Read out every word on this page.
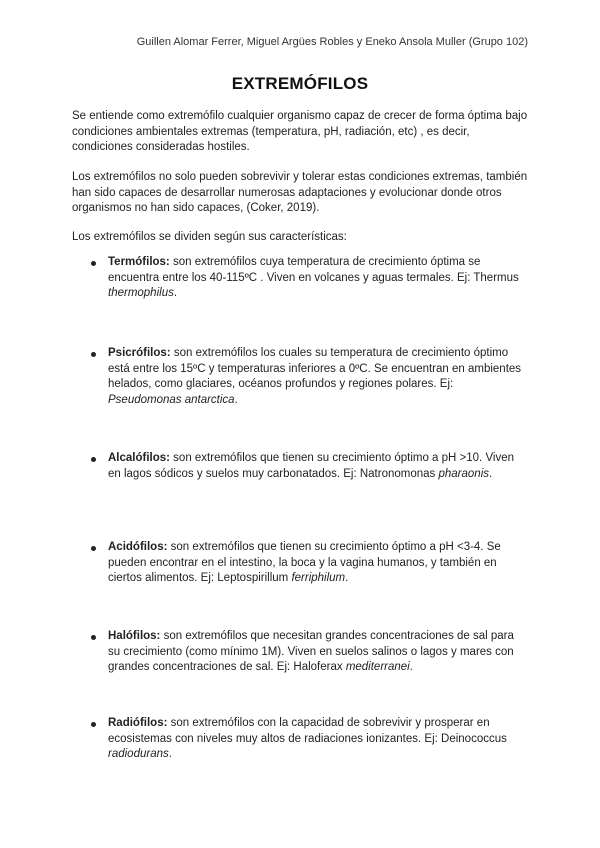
Guillen Alomar Ferrer, Miguel Argües Robles y Eneko Ansola Muller (Grupo 102)
EXTREMÓFILOS

Se entiende como extremófilo cualquier organismo capaz de crecer de forma óptima bajo condiciones ambientales extremas (temperatura, pH, radiación, etc) , es decir, condiciones consideradas hostiles.

Los extremófilos no solo pueden sobrevivir y tolerar estas condiciones extremas, también han sido capaces de desarrollar numerosas adaptaciones y evolucionar donde otros organismos no han sido capaces, (Coker, 2019).

Los extremófilos se dividen según sus características:

Termófilos: son extremófilos cuya temperatura de crecimiento óptima se encuentra entre los 40-115ºC . Viven en volcanes y aguas termales. Ej: Thermus thermophilus.
Psicrófilos: son extremófilos los cuales su temperatura de crecimiento óptimo está entre los 15ºC y temperaturas inferiores a 0ºC. Se encuentran en ambientes helados, como glaciares, océanos profundos y regiones polares. Ej: Pseudomonas antarctica.
Alcalófilos: son extremófilos que tienen su crecimiento óptimo a pH >10. Viven en lagos sódicos y suelos muy carbonatados. Ej: Natronomonas pharaonis.
Acidófilos: son extremófilos que tienen su crecimiento óptimo a pH <3-4. Se pueden encontrar en el intestino, la boca y la vagina humanos, y también en ciertos alimentos. Ej: Leptospirillum ferriphilum.
Halófilos: son extremófilos que necesitan grandes concentraciones de sal para su crecimiento (como mínimo 1M). Viven en suelos salinos o lagos y mares con grandes concentraciones de sal. Ej: Haloferax mediterranei.
Radiófilos: son extremófilos con la capacidad de sobrevivir y prosperar en ecosistemas con niveles muy altos de radiaciones ionizantes. Ej: Deinococcus radiodurans.
